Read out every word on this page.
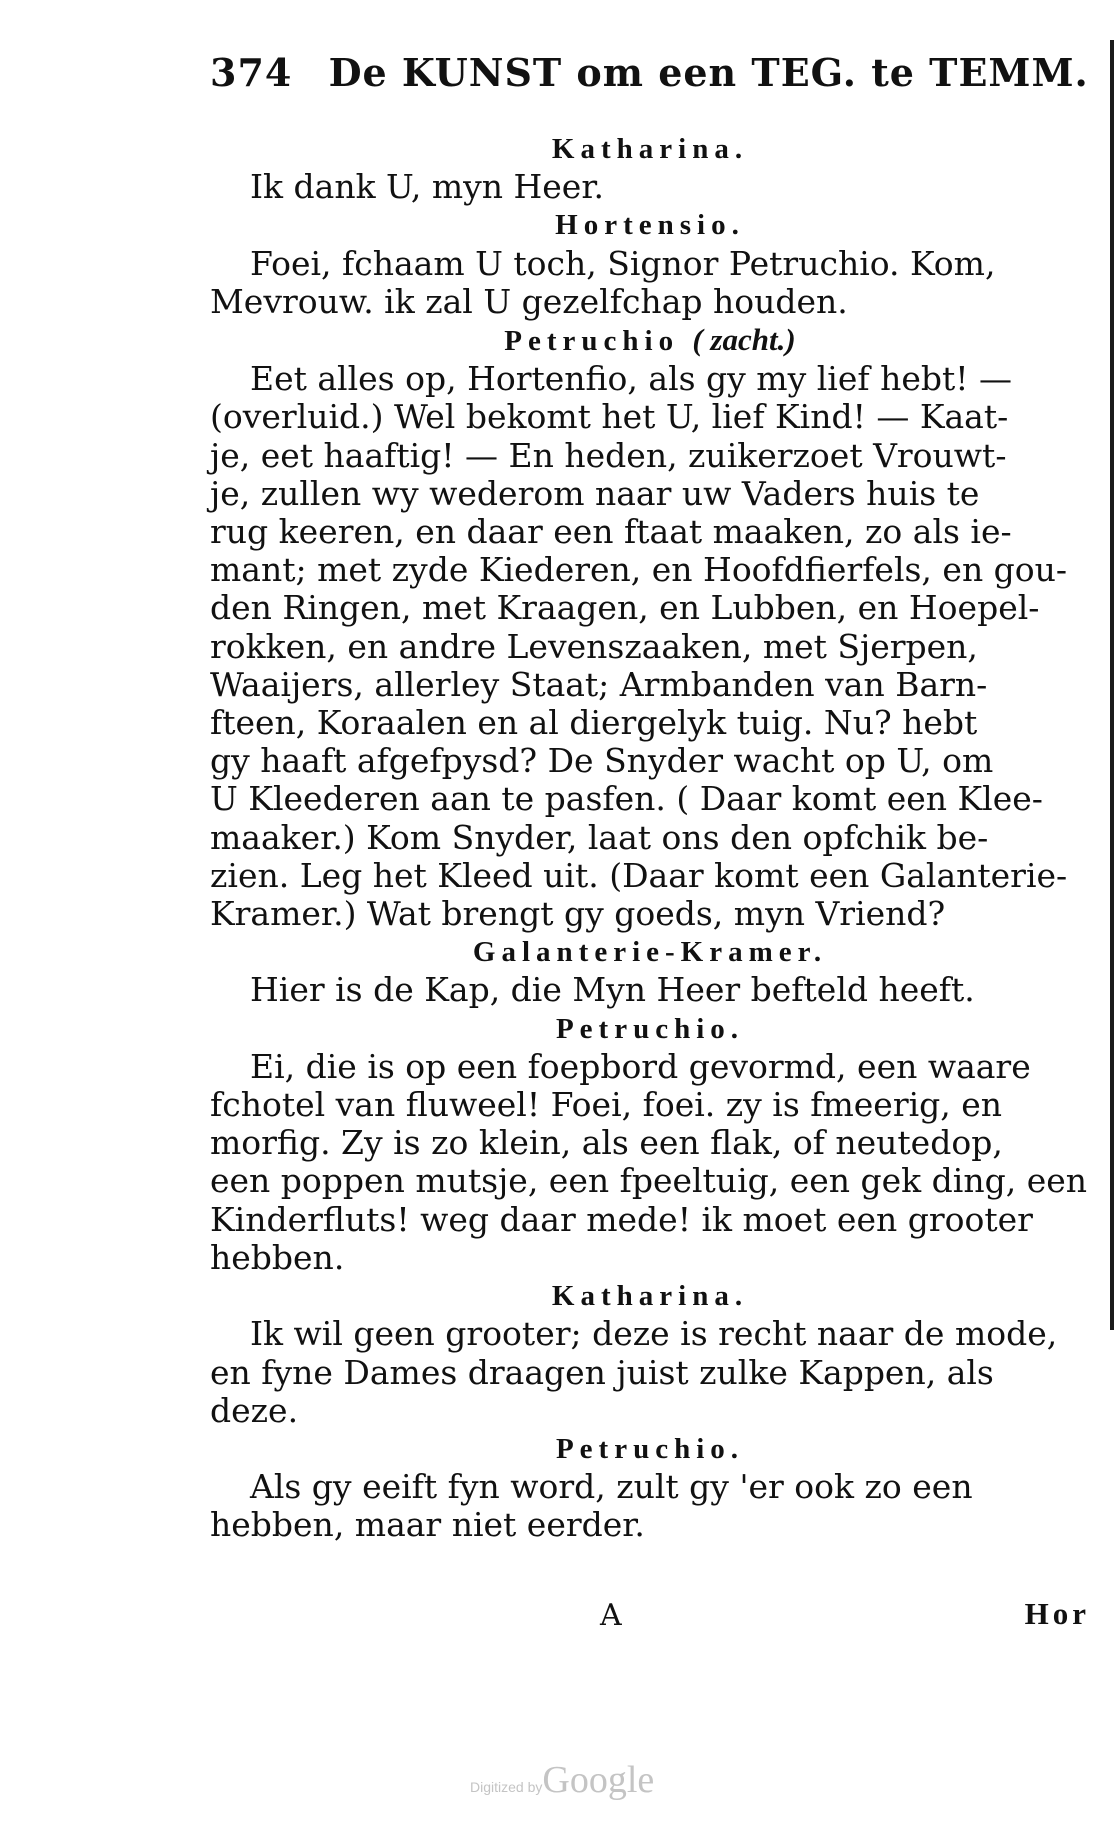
374 De KUNST om een TEG. te TEMM.
Katharina.
Ik dank U, myn Heer.
Hortensio.
Foei, fchaam U toch, Signor Petruchio. Kom,
Mevrouw. ik zal U gezelfchap houden.
Petruchio ( zacht.)
Eet alles op, Hortenfio, als gy my lief hebt! —
(overluid.) Wel bekomt het U, lief Kind! — Kaat-
je, eet haaftig! — En heden, zuikerzoet Vrouwt-
je, zullen wy wederom naar uw Vaders huis te
rug keeren, en daar een ftaat maaken, zo als ie-
mant; met zyde Kiederen, en Hoofdfierfels, en gou-
den Ringen, met Kraagen, en Lubben, en Hoepel-
rokken, en andre Levenszaaken, met Sjerpen,
Waaijers, allerley Staat; Armbanden van Barn-
fteen, Koraalen en al diergelyk tuig. Nu? hebt
gy haaft afgefpysd? De Snyder wacht op U, om
U Kleederen aan te pasfen. ( Daar komt een Klee-
maaker.) Kom Snyder, laat ons den opfchik be-
zien. Leg het Kleed uit. (Daar komt een Galanterie-
Kramer.) Wat brengt gy goeds, myn Vriend?
Galanterie-Kramer.
Hier is de Kap, die Myn Heer befteld heeft.
Petruchio.
Ei, die is op een foepbord gevormd, een waare
fchotel van fluweel! Foei, foei. zy is fmeerig, en
morfig. Zy is zo klein, als een flak, of neutedop,
een poppen mutsje, een fpeeltuig, een gek ding, een
Kinderfluts! weg daar mede! ik moet een grooter
hebben.
Katharina.
Ik wil geen grooter; deze is recht naar de mode,
en fyne Dames draagen juist zulke Kappen, als
deze.
Petruchio.
Als gy eeift fyn word, zult gy 'er ook zo een
hebben, maar niet eerder.
A	Hor
Digitized byGoogle
